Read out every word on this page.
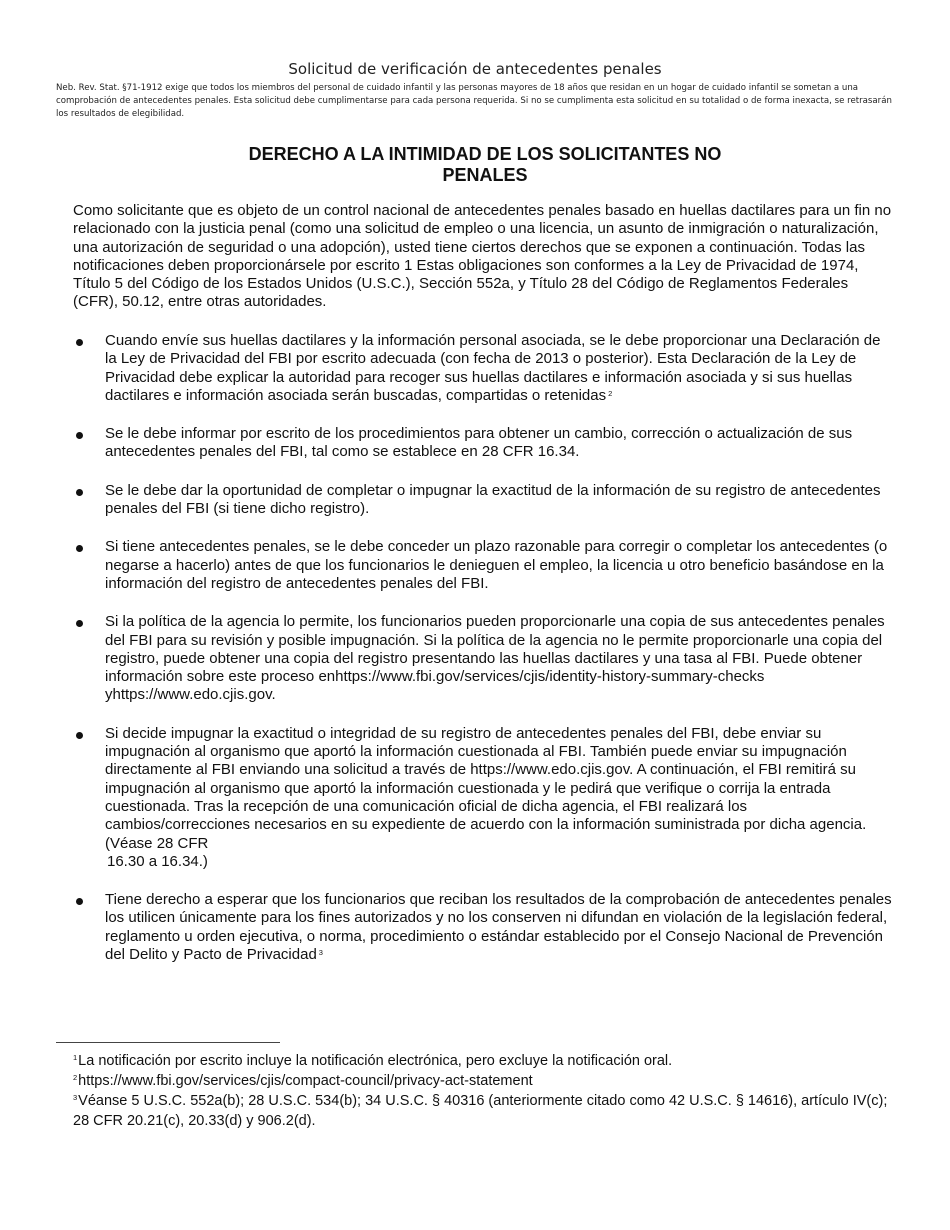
Solicitud de verificación de antecedentes penales
Neb. Rev. Stat. §71-1912 exige que todos los miembros del personal de cuidado infantil y las personas mayores de 18 años que residan en un hogar de cuidado infantil se sometan a una comprobación de antecedentes penales. Esta solicitud debe cumplimentarse para cada persona requerida. Si no se cumplimenta esta solicitud en su totalidad o de forma inexacta, se retrasarán los resultados de elegibilidad.
DERECHO A LA INTIMIDAD DE LOS SOLICITANTES NO
PENALES
Como solicitante que es objeto de un control nacional de antecedentes penales basado en huellas dactilares para un fin no relacionado con la justicia penal (como una solicitud de empleo o una licencia, un asunto de inmigración o naturalización, una autorización de seguridad o una adopción), usted tiene ciertos derechos que se exponen a continuación. Todas las notificaciones deben proporcionársele por escrito 1 Estas obligaciones son conformes a la Ley de Privacidad de 1974, Título 5 del Código de los Estados Unidos (U.S.C.), Sección 552a, y Título 28 del Código de Reglamentos Federales (CFR), 50.12, entre otras autoridades.
Cuando envíe sus huellas dactilares y la información personal asociada, se le debe proporcionar una Declaración de la Ley de Privacidad del FBI por escrito adecuada (con fecha de 2013 o posterior). Esta Declaración de la Ley de Privacidad debe explicar la autoridad para recoger sus huellas dactilares e información asociada y si sus huellas dactilares e información asociada serán buscadas, compartidas o retenidas $^2$
Se le debe informar por escrito de los procedimientos para obtener un cambio, corrección o actualización de sus antecedentes penales del FBI, tal como se establece en 28 CFR 16.34.
Se le debe dar la oportunidad de completar o impugnar la exactitud de la información de su registro de antecedentes penales del FBI (si tiene dicho registro).
Si tiene antecedentes penales, se le debe conceder un plazo razonable para corregir o completar los antecedentes (o negarse a hacerlo) antes de que los funcionarios le denieguen el empleo, la licencia u otro beneficio basándose en la información del registro de antecedentes penales del FBI.
Si la política de la agencia lo permite, los funcionarios pueden proporcionarle una copia de sus antecedentes penales del FBI para su revisión y posible impugnación. Si la política de la agencia no le permite proporcionarle una copia del registro, puede obtener una copia del registro presentando las huellas dactilares y una tasa al FBI. Puede obtener información sobre este proceso enhttps://www.fbi.gov/services/cjis/identity-history-summary-checks yhttps://www.edo.cjis.gov.
Si decide impugnar la exactitud o integridad de su registro de antecedentes penales del FBI, debe enviar su impugnación al organismo que aportó la información cuestionada al FBI. También puede enviar su impugnación directamente al FBI enviando una solicitud a través de https://www.edo.cjis.gov. A continuación, el FBI remitirá su impugnación al organismo que aportó la información cuestionada y le pedirá que verifique o corrija la entrada cuestionada. Tras la recepción de una comunicación oficial de dicha agencia, el FBI realizará los cambios/correcciones necesarios en su expediente de acuerdo con la información suministrada por dicha agencia. (Véase 28 CFR
16.30 a 16.34.)
Tiene derecho a esperar que los funcionarios que reciban los resultados de la comprobación de antecedentes penales los utilicen únicamente para los fines autorizados y no los conserven ni difundan en violación de la legislación federal, reglamento u orden ejecutiva, o norma, procedimiento o estándar establecido por el Consejo Nacional de Prevención del Delito y Pacto de Privacidad $^3$

$^1$La notificación por escrito incluye la notificación electrónica, pero excluye la notificación oral.

$^2$https://www.fbi.gov/services/cjis/compact-council/privacy-act-statement

$^3$Véanse 5 U.S.C. 552a(b); 28 U.S.C. 534(b); 34 U.S.C. § 40316 (anteriormente citado como 42 U.S.C. § 14616), artículo IV(c); 28 CFR 20.21(c), 20.33(d) y 906.2(d).
